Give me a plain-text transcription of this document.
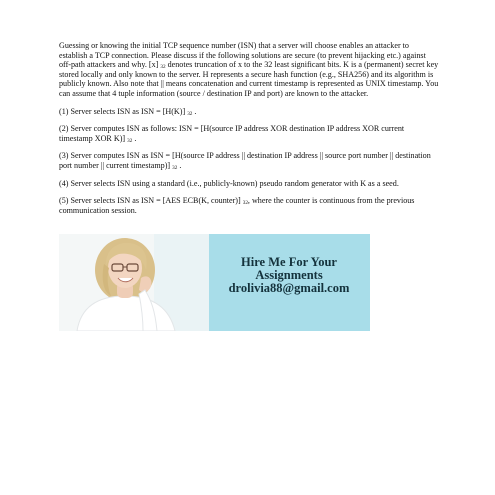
Guessing or knowing the initial TCP sequence number (ISN) that a server will choose enables an attacker to establish a TCP connection. Please discuss if the following solutions are secure (to prevent hijacking etc.) against off-path attackers and why. [x] $_{32}$ denotes truncation of x to the 32 least significant bits. K is a (permanent) secret key stored locally and only known to the server. H represents a secure hash function (e.g., SHA256) and its algorithm is publicly known. Also note that || means concatenation and current timestamp is represented as UNIX timestamp. You can assume that 4 tuple information (source / destination IP and port) are known to the attacker.

(1) Server selects ISN as ISN = [H(K)] $_{32}$ .

(2) Server computes ISN as follows: ISN = [H(source IP address XOR destination IP address XOR current timestamp XOR K)] $_{32}$ .

(3) Server computes ISN as ISN = [H(source IP address || destination IP address || source port number || destination port number || current timestamp)] $_{32}$ .

(4) Server selects ISN using a standard (i.e., publicly-known) pseudo random generator with K as a seed.

(5) Server selects ISN as ISN = [AES ECB(K, counter)] $_{32}$, where the counter is continuous from the previous communication session.

Hire Me For Your
Assignments
drolivia88@gmail.com
